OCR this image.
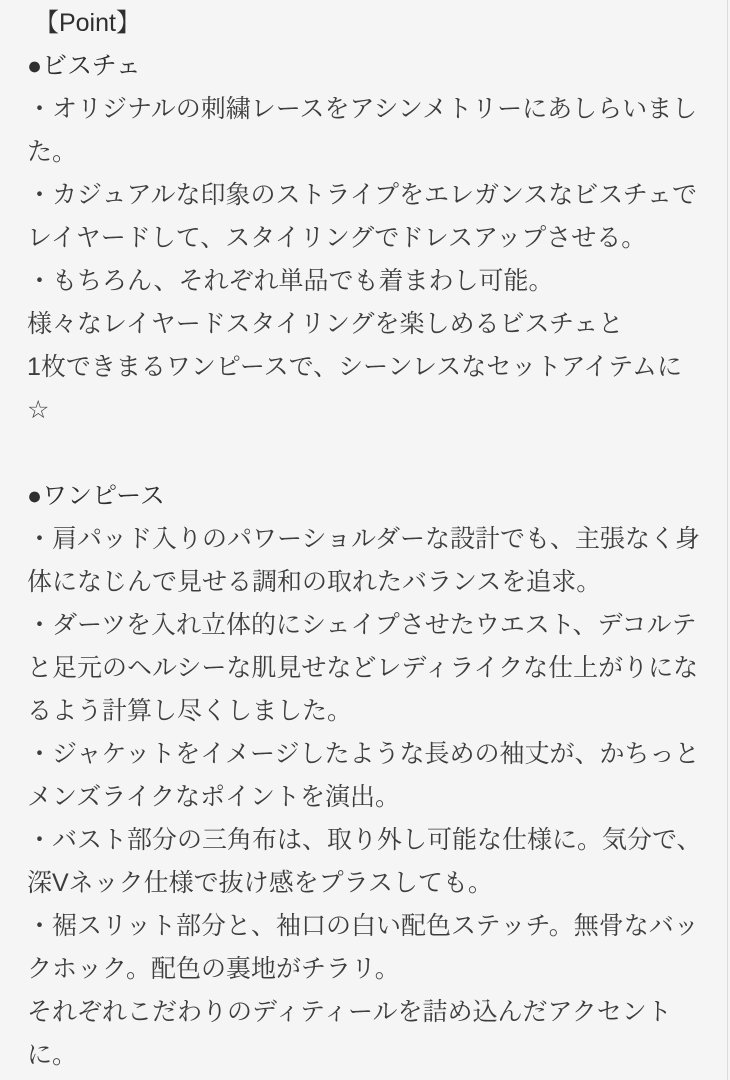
【Point】
●ビスチェ
・オリジナルの刺繍レースをアシンメトリーにあしらいまし
た。
・カジュアルな印象のストライプをエレガンスなビスチェで
レイヤードして、スタイリングでドレスアップさせる。
・もちろん、それぞれ単品でも着まわし可能。
様々なレイヤードスタイリングを楽しめるビスチェと
1枚できまるワンピースで、シーンレスなセットアイテムに
☆
●ワンピース
・肩パッド入りのパワーショルダーな設計でも、主張なく身
体になじんで見せる調和の取れたバランスを追求。
・ダーツを入れ立体的にシェイプさせたウエスト、デコルテ
と足元のヘルシーな肌見せなどレディライクな仕上がりにな
るよう計算し尽くしました。
・ジャケットをイメージしたような長めの袖丈が、かちっと
メンズライクなポイントを演出。
・バスト部分の三角布は、取り外し可能な仕様に。気分で、
深Vネック仕様で抜け感をプラスしても。
・裾スリット部分と、袖口の白い配色ステッチ。無骨なバッ
クホック。配色の裏地がチラリ。
それぞれこだわりのディティールを詰め込んだアクセント
に。
